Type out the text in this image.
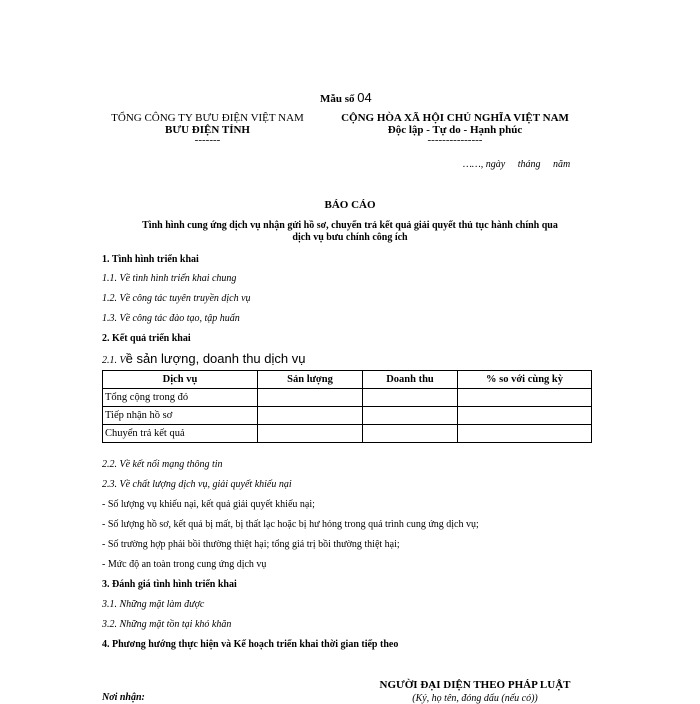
Mẫu số 04
TỔNG CÔNG TY BƯU ĐIỆN VIỆT NAM
BƯU ĐIỆN TỈNH
-------
CỘNG HÒA XÃ HỘI CHỦ NGHĨA VIỆT NAM
Độc lập - Tự do - Hạnh phúc
---------------
……, ngày     tháng     năm
BÁO CÁO
Tình hình cung ứng dịch vụ nhận gửi hồ sơ, chuyển trả kết quả giải quyết thủ tục hành chính qua
dịch vụ bưu chính công ích
1. Tình hình triển khai
1.1. Về tình hình triển khai chung
1.2. Về công tác tuyên truyền dịch vụ
1.3. Về công tác đào tạo, tập huấn
2. Kết quả triển khai
2.1. Về sản lượng, doanh thu dịch vụ
Dịch vụ	Sản lượng	Doanh thu	% so với cùng kỳ
Tổng cộng trong đó			
Tiếp nhận hồ sơ			
Chuyển trả kết quả			
2.2. Về kết nối mạng thông tin
2.3. Về chất lượng dịch vụ, giải quyết khiếu nại
- Số lượng vụ khiếu nại, kết quả giải quyết khiếu nại;
- Số lượng hồ sơ, kết quả bị mất, bị thất lạc hoặc bị hư hỏng trong quá trình cung ứng dịch vụ;
- Số trường hợp phải bồi thường thiệt hại; tổng giá trị bồi thường thiệt hại;
- Mức độ an toàn trong cung ứng dịch vụ
3. Đánh giá tình hình triển khai
3.1. Những mặt làm được
3.2. Những mặt tồn tại khó khăn
4. Phương hướng thực hiện và Kế hoạch triển khai thời gian tiếp theo
NGƯỜI ĐẠI DIỆN THEO PHÁP LUẬT
(Ký, họ tên, đóng dấu (nếu có))
Nơi nhận:
